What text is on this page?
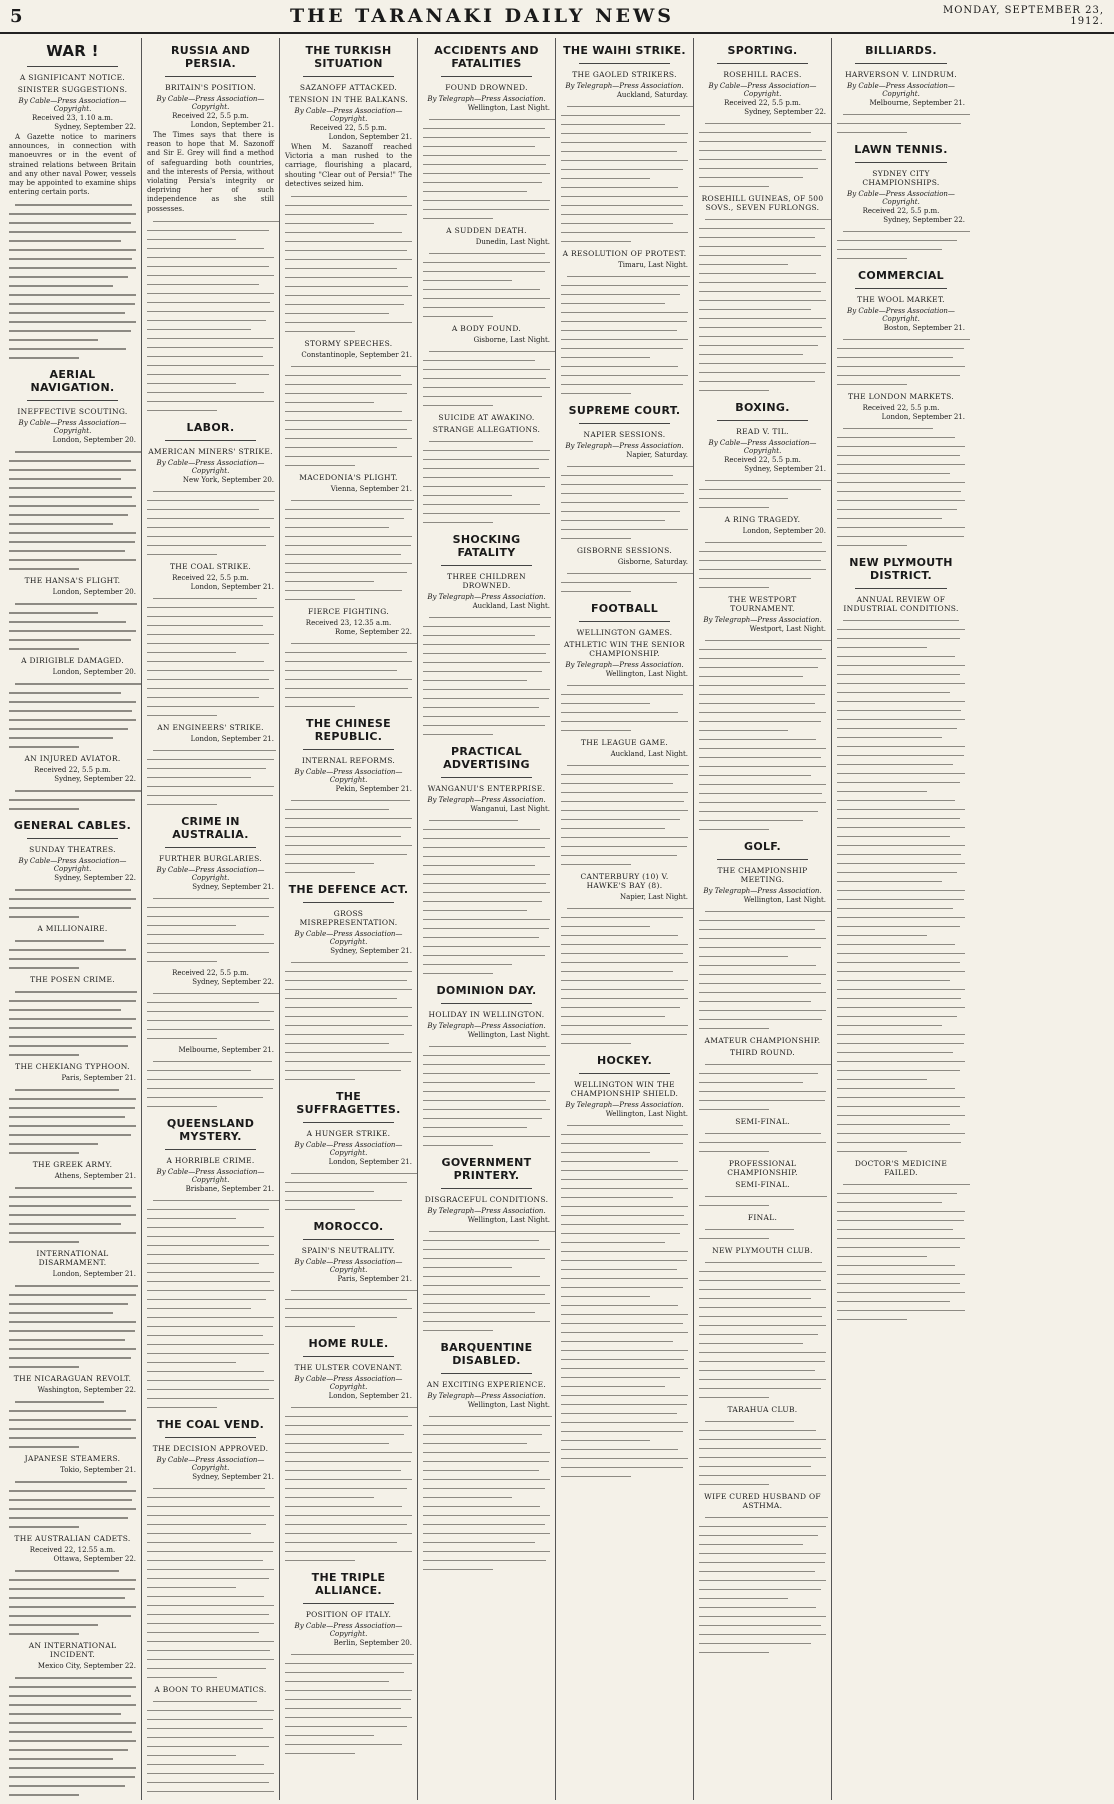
5	THE TARANAKI DAILY NEWS	MONDAY, SEPTEMBER 23, 1912.
WAR !
A SIGNIFICANT NOTICE.
SINISTER SUGGESTIONS.
By Cable—Press Association—Copyright.
Received 23, 1.10 a.m.
Sydney, September 22.
A Gazette notice to mariners announces, in connection with manoeuvres or in the event of strained relations between Britain and any other naval Power, vessels may be appointed to examine ships entering certain ports.
AERIAL NAVIGATION.
INEFFECTIVE SCOUTING.
By Cable—Press Association—Copyright.
London, September 20.
THE HANSA'S FLIGHT.
London, September 20.
A DIRIGIBLE DAMAGED.
London, September 20.
AN INJURED AVIATOR.
Received 22, 5.5 p.m.
Sydney, September 22.
GENERAL CABLES.
SUNDAY THEATRES.
By Cable—Press Association—Copyright.
Sydney, September 22.
A MILLIONAIRE.
THE POSEN CRIME.
THE CHEKIANG TYPHOON.
Paris, September 21.
THE GREEK ARMY.
Athens, September 21.
INTERNATIONAL DISARMAMENT.
London, September 21.
THE NICARAGUAN REVOLT.
Washington, September 22.
JAPANESE STEAMERS.
Tokio, September 21.
THE AUSTRALIAN CADETS.
Received 22, 12.55 a.m.
Ottawa, September 22.
AN INTERNATIONAL INCIDENT.
Mexico City, September 22.
RUSSIA AND PERSIA.
BRITAIN'S POSITION.
By Cable—Press Association—Copyright.
Received 22, 5.5 p.m.
London, September 21.
The Times says that there is reason to hope that M. Sazonoff and Sir E. Grey will find a method of safeguarding both countries, and the interests of Persia, without violating Persia's integrity or depriving her of such independence as she still possesses.
LABOR.
AMERICAN MINERS' STRIKE.
By Cable—Press Association—Copyright.
New York, September 20.
THE COAL STRIKE.
Received 22, 5.5 p.m.
London, September 21.
AN ENGINEERS' STRIKE.
London, September 21.
CRIME IN AUSTRALIA.
FURTHER BURGLARIES.
By Cable—Press Association—Copyright.
Sydney, September 21.
Received 22, 5.5 p.m.
Sydney, September 22.
Melbourne, September 21.
QUEENSLAND MYSTERY.
A HORRIBLE CRIME.
By Cable—Press Association—Copyright.
Brisbane, September 21.
THE COAL VEND.
THE DECISION APPROVED.
By Cable—Press Association—Copyright.
Sydney, September 21.
A BOON TO RHEUMATICS.
THE TURKISH SITUATION
SAZANOFF ATTACKED.
TENSION IN THE BALKANS.
By Cable—Press Association—Copyright.
Received 22, 5.5 p.m.
London, September 21.
When M. Sazanoff reached Victoria a man rushed to the carriage, flourishing a placard, shouting "Clear out of Persia!" The detectives seized him.
STORMY SPEECHES.
Constantinople, September 21.
MACEDONIA'S PLIGHT.
Vienna, September 21.
FIERCE FIGHTING.
Received 23, 12.35 a.m.
Rome, September 22.
THE CHINESE REPUBLIC.
INTERNAL REFORMS.
By Cable—Press Association—Copyright.
Pekin, September 21.
THE DEFENCE ACT.
GROSS MISREPRESENTATION.
By Cable—Press Association—Copyright.
Sydney, September 21.
THE SUFFRAGETTES.
A HUNGER STRIKE.
By Cable—Press Association—Copyright.
London, September 21.
MOROCCO.
SPAIN'S NEUTRALITY.
By Cable—Press Association—Copyright.
Paris, September 21.
HOME RULE.
THE ULSTER COVENANT.
By Cable—Press Association—Copyright.
London, September 21.
THE TRIPLE ALLIANCE.
POSITION OF ITALY.
By Cable—Press Association—Copyright.
Berlin, September 20.
ACCIDENTS AND FATALITIES
FOUND DROWNED.
By Telegraph—Press Association.
Wellington, Last Night.
A SUDDEN DEATH.
Dunedin, Last Night.
A BODY FOUND.
Gisborne, Last Night.
SUICIDE AT AWAKINO.
STRANGE ALLEGATIONS.
SHOCKING FATALITY
THREE CHILDREN DROWNED.
By Telegraph—Press Association.
Auckland, Last Night.
PRACTICAL ADVERTISING
WANGANUI'S ENTERPRISE.
By Telegraph—Press Association.
Wanganui, Last Night.
DOMINION DAY.
HOLIDAY IN WELLINGTON.
By Telegraph—Press Association.
Wellington, Last Night.
GOVERNMENT PRINTERY.
DISGRACEFUL CONDITIONS.
By Telegraph—Press Association.
Wellington, Last Night.
BARQUENTINE DISABLED.
AN EXCITING EXPERIENCE.
By Telegraph—Press Association.
Wellington, Last Night.
THE WAIHI STRIKE.
THE GAOLED STRIKERS.
By Telegraph—Press Association.
Auckland, Saturday.
A RESOLUTION OF PROTEST.
Timaru, Last Night.
SUPREME COURT.
NAPIER SESSIONS.
By Telegraph—Press Association.
Napier, Saturday.
GISBORNE SESSIONS.
Gisborne, Saturday.
FOOTBALL
WELLINGTON GAMES.
ATHLETIC WIN THE SENIOR CHAMPIONSHIP.
By Telegraph—Press Association.
Wellington, Last Night.
THE LEAGUE GAME.
Auckland, Last Night.
CANTERBURY (10) V. HAWKE'S BAY (8).
Napier, Last Night.
HOCKEY.
WELLINGTON WIN THE CHAMPIONSHIP SHIELD.
By Telegraph—Press Association.
Wellington, Last Night.
SPORTING.
ROSEHILL RACES.
By Cable—Press Association—Copyright.
Received 22, 5.5 p.m.
Sydney, September 22.
ROSEHILL GUINEAS, OF 500 SOVS., SEVEN FURLONGS.
BOXING.
READ V. TIL.
By Cable—Press Association—Copyright.
Received 22, 5.5 p.m.
Sydney, September 21.
A RING TRAGEDY.
London, September 20.
THE WESTPORT TOURNAMENT.
By Telegraph—Press Association.
Westport, Last Night.
GOLF.
THE CHAMPIONSHIP MEETING.
By Telegraph—Press Association.
Wellington, Last Night.
AMATEUR CHAMPIONSHIP.
THIRD ROUND.
SEMI-FINAL.
PROFESSIONAL CHAMPIONSHIP.
SEMI-FINAL.
FINAL.
NEW PLYMOUTH CLUB.
TARAHUA CLUB.
WIFE CURED HUSBAND OF ASTHMA.
BILLIARDS.
HARVERSON V. LINDRUM.
By Cable—Press Association—Copyright.
Melbourne, September 21.
LAWN TENNIS.
SYDNEY CITY CHAMPIONSHIPS.
By Cable—Press Association—Copyright.
Received 22, 5.5 p.m.
Sydney, September 22.
COMMERCIAL
THE WOOL MARKET.
By Cable—Press Association—Copyright.
Boston, September 21.
THE LONDON MARKETS.
Received 22, 5.5 p.m.
London, September 21.
NEW PLYMOUTH DISTRICT.
ANNUAL REVIEW OF INDUSTRIAL CONDITIONS.
DOCTOR'S MEDICINE FAILED.
